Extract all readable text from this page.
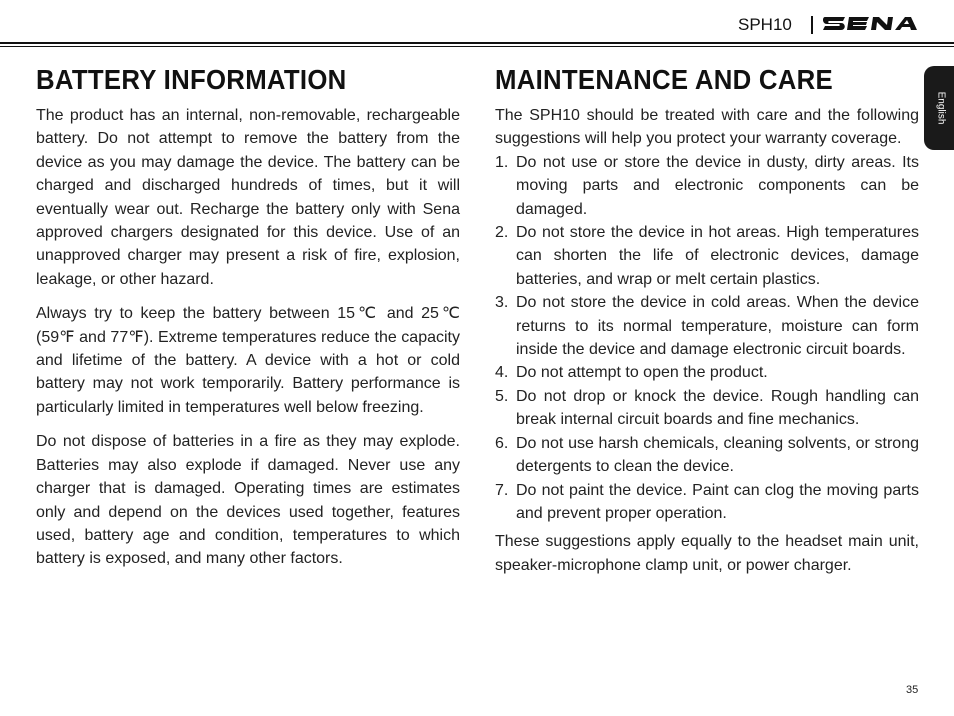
SPH10
English
BATTERY INFORMATION

The product has an internal, non-removable, rechargeable battery. Do not attempt to remove the battery from the device as you may damage the device. The battery can be charged and discharged hundreds of times, but it will eventually wear out. Recharge the battery only with Sena approved chargers designated for this device. Use of an unapproved charger may present a risk of fire, explosion, leakage, or other hazard.

Always try to keep the battery between 15℃ and 25℃ (59℉ and 77℉). Extreme temperatures reduce the capacity and lifetime of the battery. A device with a hot or cold battery may not work temporarily. Battery performance is particularly limited in temperatures well below freezing.

Do not dispose of batteries in a fire as they may explode. Batteries may also explode if damaged. Never use any charger that is damaged. Operating times are estimates only and depend on the devices used together, features used, battery age and condition, temperatures to which battery is exposed, and many other factors.

MAINTENANCE AND CARE

The SPH10 should be treated with care and the following suggestions will help you protect your warranty coverage.

1. Do not use or store the device in dusty, dirty areas. Its moving parts and electronic components can be damaged.
2. Do not store the device in hot areas. High temperatures can shorten the life of electronic devices, damage batteries, and wrap or melt certain plastics.
3. Do not store the device in cold areas. When the device returns to its normal temperature, moisture can form inside the device and damage electronic circuit boards.
4. Do not attempt to open the product.
5. Do not drop or knock the device. Rough handling can break internal circuit boards and fine mechanics.
6. Do not use harsh chemicals, cleaning solvents, or strong detergents to clean the device.
7. Do not paint the device. Paint can clog the moving parts and prevent proper operation.

These suggestions apply equally to the headset main unit, speaker-microphone clamp unit, or power charger.

35
